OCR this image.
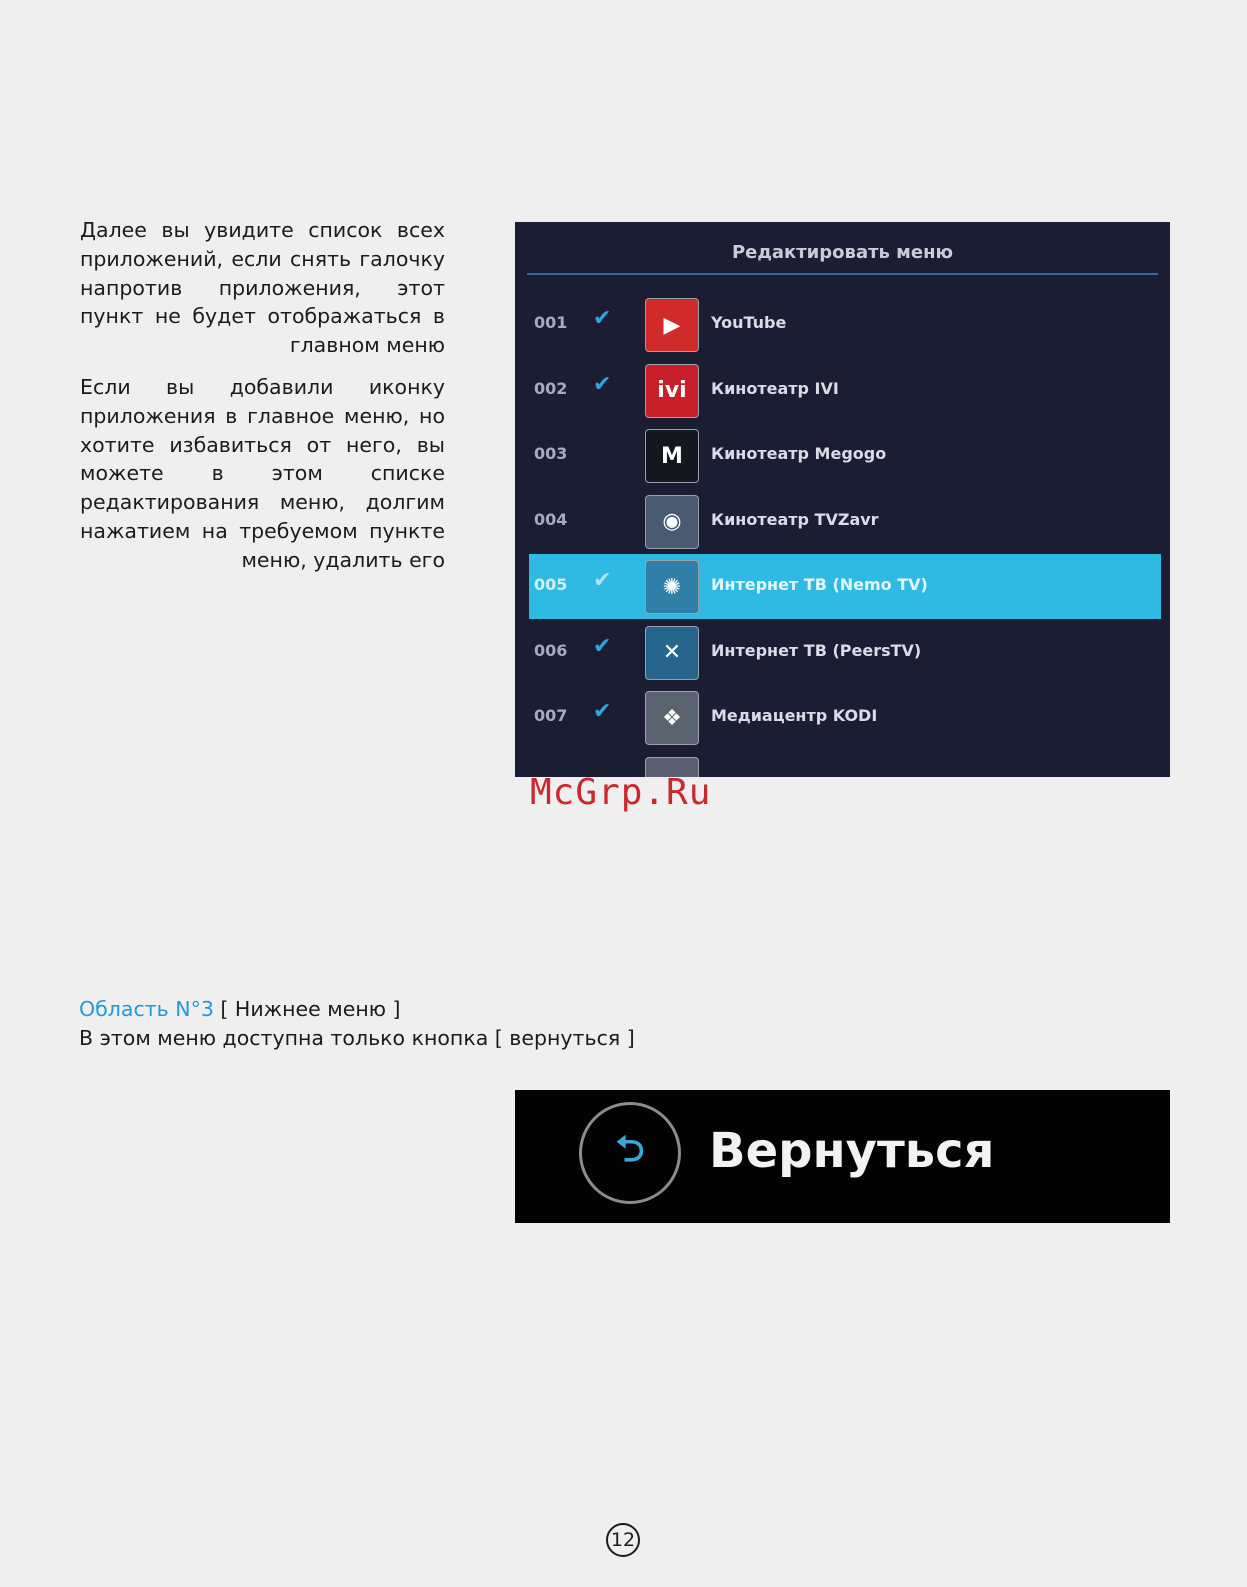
Далее вы увидите список всех приложений, если снять галочку напротив приложения, этот пункт не будет отображаться в главном меню

Если вы добавили иконку приложения в главное меню, но хотите избавиться от него, вы можете в этом списке редактирования меню, долгим нажатием на требуемом пункте меню, удалить его

Редактировать меню
001 ✔	▶	YouTube
002 ✔	ivi	Кинотеатр IVI
003	M	Кинотеатр Megogo
004	◉	Кинотеатр TVZavr
005 ✔	✺	Интернет ТВ (Nemo TV)
006 ✔	✕	Интернет ТВ (PeersTV)
007 ✔	❖	Медиацентр KODI
McGrp.Ru
Область N°3 [ Нижнее меню ]
В этом меню доступна только кнопка [ вернуться ]
⮌ Вернуться
12
